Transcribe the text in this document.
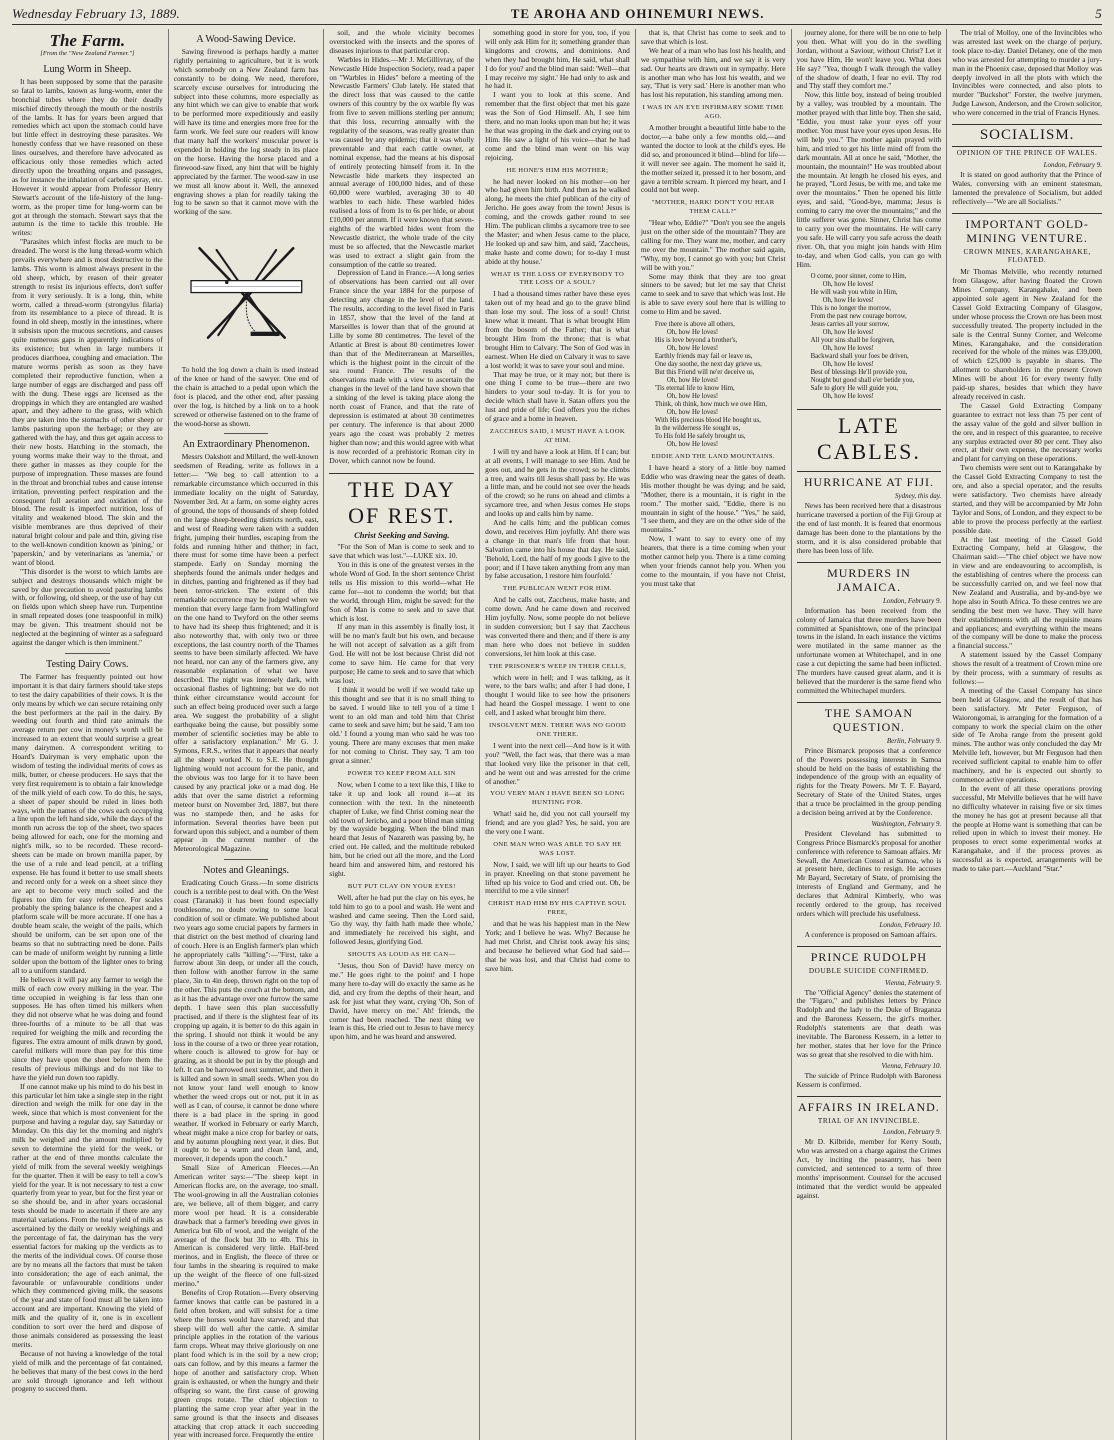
Wednesday February 13, 1889.	TE AROHA AND OHINEMURI NEWS.	5
The Farm.
[From the "New Zealand Farmer."]
Lung Worm in Sheep.

It has been supposed by some that the parasite so fatal to lambs, known as lung-worm, enter the bronchial tubes where they do their deadly mischief directly through the mouth or the nostrils of the lambs. It has for years been argued that remedies which act upon the stomach could have but little effect in destroying these parasites. We honestly confess that we have reasoned on these lines ourselves, and therefore have advocated as efficacious only those remedies which acted directly upon the breathing organs and passages, as for instance the inhalation of carbolic spray, etc. However it would appear from Professor Henry Stewart's account of the life-history of the lung-worm, as the proper time for lung-worm can be got at through the stomach. Stewart says that the autumn is the time to tackle this trouble. He writes:

"Parasites which infest flocks are much to be dreaded. The worst is the lung thread-worm which prevails everywhere and is most destructive to the lambs. This worm is almost always present in the old sheep, which, by reason of their greater strength to resist its injurious effects, don't suffer from it very seriously. It is a long, thin, white worm, called a thread-worm (strongylus filaria) from its resemblance to a piece of thread. It is found in old sheep, mostly in the intestines, where it subsists upon the mucous secretions, and causes quite numerous gaps in apparently indications of its existence; but when in large numbers it produces diarrhoea, coughing and emaciation. The mature worms perish as soon as they have completed their reproductive function, when a large number of eggs are discharged and pass off with the dung. These eggs are licensed as the droppings in which they are entangled are washed apart, and they adhere to the grass, with which they are taken into the stomachs of other sheep or lambs pasturing upon the herbage; or they are gathered with the hay, and thus get again access to their new hosts. Hatching in the stomach, the young worms make their way to the throat, and there gather in masses as they couple for the purpose of impregnation. These masses are found in the throat and bronchial tubes and cause intense irritation, preventing perfect respiration and the consequent full aeration and oxidation of the blood. The result is imperfect nutrition, loss of vitality and weakened blood. The skin and the visible membranes are thus deprived of their natural bright colour and pale and thin, giving rise to the well-known condition known as 'pining,' or 'paperskin,' and by veterinarians as 'anemia,' or want of blood.

"This disorder is the worst to which lambs are subject and destroys thousands which might be saved by due precaution to avoid pasturing lambs with, or following, old sheep, or the use of hay cut on fields upon which sheep have run. Turpentine in small repeated doses (one teaspoonful in milk) may be given. This treatment should not be neglected at the beginning of winter as a safeguard against the danger which is then imminent."

Testing Dairy Cows.

The Farmer has frequently pointed out how important it is that dairy farmers should take steps to test the dairy capabilities of their cows. It is the only means by which we can secure retaining only the best performers at the pail in the dairy. By weeding out fourth and third rate animals the average return per cow in money's worth will be increased to an extent that would surprise a great many dairymen. A correspondent writing to Hoard's Dairyman is very emphatic upon the wisdom of testing the individual merits of cows as milk, butter, or cheese producers. He says that the very first requirement is to obtain a fair knowledge of the milk yield of each cow. To do this, he says, a sheet of paper should be ruled in lines both ways, with the names of the cows each occupying a line upon the left hand side, while the days of the month run across the top of the sheet, two spaces being allowed for each, one for the morning and night's milk, so to be recorded. These record-sheets can be made on brown manilla paper, by the use of a rule and lead pencil, at a trifling expense. He has found it better to use small sheets and record only for a week on a sheet since they are apt to become very much soiled and the figures too dim for easy reference. For scales probably the spring balance is the cheapest and a platform scale will be more accurate. If one has a double beam scale, the weight of the pails, which should be uniform, can be set upon one of the beams so that no subtracting need be done. Pails can be made of uniform weight by running a little solder upon the bottom of the lighter ones to bring all to a uniform standard.

He believes it will pay any farmer to weigh the milk of each cow every milking in the year. The time occupied in weighing is far less than one supposes. He has often timed his milkers when they did not observe what he was doing and found three-fourths of a minute to be all that was required for weighing the milk and recording the figures. The extra amount of milk drawn by good, careful milkers will more than pay for this time since they have upon the sheet before them the results of previous milkings and do not like to have the yield run down too rapidly.

If one cannot make up his mind to do his best in this particular let him take a single step in the right direction and weigh the milk for one day in the week, since that which is most convenient for the purpose and having a regular day, say Saturday or Monday. On this day let the morning and night's milk be weighed and the amount multiplied by seven to determine the yield for the week, or rather at the end of three months calculate the yield of milk from the several weekly weighings for the quarter. Then it will be easy to tell a cow's yield for the year. It is not necessary to test a cow quarterly from year to year, but for the first year or so she should be, and in after years occasional tests should be made to ascertain if there are any material variations. From the total yield of milk as ascertained by the daily or weekly weighings and the percentage of fat, the dairyman has the very essential factors for making up the verdicts as to the merits of the individual cows. Of course those are by no means all the factors that must be taken into consideration; the age of each animal, the favourable or unfavourable conditions under which they commenced giving milk, the seasons of the year and state of food must all be taken into account and are important. Knowing the yield of milk and the quality of it, one is in excellent condition to sort over the herd and dispose of those animals considered as possessing the least merits.

Because of not having a knowledge of the total yield of milk and the percentage of fat contained, he believes that many of the best cows in the herd are sold through ignorance and left without progeny to succeed them.

A Wood-Sawing Device.

Sawing firewood is perhaps hardly a matter rightly pertaining to agriculture, but it is work which somebody on a New Zealand farm has constantly to be doing. We need, therefore, scarcely excuse ourselves for introducing the subject into these columns, more especially as any hint which we can give to enable that work to be performed more expeditiously and easily will have its time and energies more free for the farm work. We feel sure our readers will know that many half the workers' muscular power is expended in holding the log steady in its place on the horse. Having the horse placed and a firewood-saw fixed, any hint that will be highly appreciated by the farmer. The wood-saw in use we must all know about it. Well, the annexed engraving shows a plan for readily taking the log to be sawn so that it cannot move with the working of the saw.

To hold the log down a chain is used instead of the knee or hand of the sawyer. One end of the chain is attached to a pedal upon which the foot is placed, and the other end, after passing over the log, is hitched by a link on to a hook screwed or otherwise fastened on to the frame of the wood-horse as shown.

An Extraordinary Phenomenon.

Messrs Oakshott and Millard, the well-known seedsmen of Reading, write as follows in a letter:— "We beg to call attention to a remarkable circumstance which occurred in this immediate locality on the night of Saturday, November 3rd. At a farm, on some eighty acres of ground, the tops of thousands of sheep folded on the large sheep-breeding districts north, east, and west of Reading were taken with a sudden fright, jumping their hurdles, escaping from the folds and running hither and thither; in fact, there must for some time have been a perfect stampede. Early on Sunday morning the shepherds found the animals under hedges and in ditches, panting and frightened as if they had been terror-stricken. The extent of this remarkable occurrence may be judged when we mention that every large farm from Wallingford on the one hand to Twyford on the other seems to have had its sheep thus frightened; and it is also noteworthy that, with only two or three exceptions, the last country north of the Thames seems to have been similarly affected. We have not heard, nor can any of the farmers give, any reasonable explanation of what we have described. The night was intensely dark, with occasional flashes of lightning; but we do not think either circumstance would account for such an effect being produced over such a large area. We suggest the probability of a slight earthquake being the cause, but possibly some member of scientific societies may be able to offer a satisfactory explanation." Mr G. J. Symons, F.R.S., writes that it appears that nearly all the sheep worked N. to S.E. He thought lightning would not account for the panic, and the obvious was too large for it to have been caused by any practical joke or a mad dog. He adds that over the same district a reforming meteor burst on November 3rd, 1887, but there was no stampede then, and he asks for information. Several theories have been put forward upon this subject, and a number of them appear in the current number of the Meteorological Magazine.

Notes and Gleanings.

Eradicating Couch Grass.—In some districts couch is a terrible pest to deal with. On the West coast (Taranaki) it has been found especially troublesome, no doubt owing to some local condition of soil or climate. We published about two years ago some crucial papers by farmers in that district on the best method of clearing land of couch. Here is an English farmer's plan which he appropriately calls "killing":—"First, take a furrow about 3in deep, or under all the couch, then follow with another furrow in the same place, 3in to 4in deep, thrown right on the top of the other. This puts the couch at the bottom, and as it has the advantage over one furrow the same depth. I have seen this plan successfully practised, and if there is the slightest fear of its cropping up again, it is better to do this again in the spring. I should not think it would be any loss in the course of a two or three year rotation, where couch is allowed to grow for hay or grazing, as it should be put in by the plough and left. It can be harrowed next summer, and then it is killed and sown in small seeds. When you do not know your land well enough to know whether the weed crops out or not, put it in as well as I can, of course, it cannot be done where there is a bad place in the spring in good weather. If worked in February or early March, wheat might make a nice crop for barley or oats, and by autumn ploughing next year, it dies. But it ought to be a warm and clean land, and, moreover, it depends upon the couch."

Small Size of American Fleeces.—An American writer says:—"The sheep kept in American flocks are, on the average, too small. The wool-growing in all the Australian colonies are, we believe, all of them bigger, and carry more wool per head. It is a considerable drawback that a farmer's breeding ewe gives in America but 6lb of wool, and the weight of the average of the flock but 3lb to 4lb. This in American is considered very little. Half-bred merinos, and in English, the fleece of three or four lambs in the shearing is required to make up the weight of the fleece of one full-sized merino."

Benefits of Crop Rotation.—Every observing farmer knows that cattle can be pastured in a field often broken, and will subsist for a time where the horses would have starved; and that sheep will do well after the cattle. A similar principle applies in the rotation of the various farm crops. Wheat may thrive gloriously on one plant food which is in the soil by a new crop; oats can follow, and by this means a farmer the hope of another and satisfactory crop. When grain is exhausted, or when the hungry and their offspring so want, the first cause of growing green crops rotate. The chief objection to planting the same crop year after year in the same ground is that the insects and diseases attacking that crop attack it each succeeding year with increased force. Frequently the entire

soil, and the whole vicinity becomes overstocked with the insects and the spores of diseases injurious to that particular crop.

Warbles in Hides.—Mr J. McGillivray, of the Newcastle Hide Inspection Society, read a paper on "Warbles in Hides" before a meeting of the Newcastle Farmers' Club lately. He stated that the direct loss that was caused to the cattle owners of this country by the ox warble fly was from five to seven millions sterling per annum; that this loss, recurring annually with the regularity of the seasons, was really greater than was caused by any epidemic; that it was wholly preventable and that each cattle owner, at nominal expense, had the means at his disposal of entirely protecting himself from it. In the Newcastle hide markets they inspected an annual average of 100,000 hides, and of these 60,000 were warbled, averaging 30 to 40 warbles to each hide. These warbled hides realised a loss of from 1s to 6s per hide, or about £10,000 per annum. If it were known that seven-eighths of the warbled hides went from the Newcastle district, the whole trade of the city must be so affected, that the Newcastle market was used to extract a slight gain from the consumption of the cattle so treated.

Depression of Land in France.—A long series of observations has been carried out all over France since the year 1884 for the purpose of detecting any change in the level of the land. The results, according to the level fixed in Paris in 1857, show that the level of the land at Marseilles is lower than that of the ground at Lille by some 80 centimetres. The level of the Atlantic at Brest is about 80 centimetres lower than that of the Mediterranean at Marseilles, which is the highest point in the circuit of the sea round France. The results of the observations made with a view to ascertain the changes in the level of the land have shown that a sinking of the level is taking place along the north coast of France, and that the rate of depression is estimated at about 30 centimetres per century. The inference is that about 2000 years ago the coast was probably 2 metres higher than now; and this would agree with what is now recorded of a prehistoric Roman city in Dover, which cannot now be found.

THE DAY OF REST.
Christ Seeking and Saving.

"For the Son of Man is come to seek and to save that which was lost."—LUKE xix. 10.

You in this is one of the greatest verses in the whole Word of God. In the short sentence Christ tells us His mission to this world—what He came for—not to condemn the world; but that the world, through Him, might be saved: for the Son of Man is come to seek and to save that which is lost.

If any man in this assembly is finally lost, it will be no man's fault but his own, and because he will not accept of salvation as a gift from God. He will not be lost because Christ did not come to save him. He came for that very purpose; He came to seek and to save that which was lost.

I think it would be well if we would take up this thought and see that it is no small thing to be saved. I would like to tell you of a time I went to an old man and told him that Christ came to seek and save him; but he said, 'I am too old.' I found a young man who said he was too young. There are many excuses that men make for not coming to Christ. They say, 'I am too great a sinner.'

POWER TO KEEP FROM ALL SIN

Now, when I come to a text like this, I like to take it up and look all round it—at its connection with the text. In the nineteenth chapter of Luke, we find Christ coming near the old town of Jericho, and a poor blind man sitting by the wayside begging. When the blind man heard that Jesus of Nazareth was passing by, he cried out. He called, and the multitude rebuked him, but he cried out all the more, and the Lord heard him and answered him, and restored his sight.

BUT PUT CLAY ON YOUR EYES!

Well, after he had put the clay on his eyes, he told him to go to a pool and wash. He went and washed and came seeing. Then the Lord said, 'Go thy way, thy faith hath made thee whole,' and immediately he received his sight, and followed Jesus, glorifying God.

SHOUTS AS LOUD AS HE CAN—

"Jesus, thou Son of David! have mercy on me." He goes right to the point! and I hope many here to-day will do exactly the same as he did, and cry from the depths of their heart, and ask for just what they want, crying 'Oh, Son of David, have mercy on me.' Ah! friends, the corner had been reached. The next thing we learn is this, He cried out to Jesus to have mercy upon him, and he was heard and answered.

something good in store for you, too, if you will only ask Him for it; something grander than kingdoms and crowns, and dominions. And when they had brought him, He said, what shall I do for you? and the blind man said: 'Well—that I may receive my sight.' He had only to ask and he had it.

I want you to look at this scene. And remember that the first object that met his gaze was the Son of God Himself. Ah, I see him there, and no man looks upon man but he; it was he that was groping in the dark and crying out to Him. He saw a light of his voice—that he had come and the blind man went on his way rejoicing.

HE HONE'S HIM HIS MOTHER;

he had never looked on his mother—on her who had given him birth. And then as he walked along, he meets the chief publican of the city of Jericho. He goes away from the town! Jesus is coming, and the crowds gather round to see Him. The publican climbs a sycamore tree to see the Master; and when Jesus came to the place, He looked up and saw him, and said, 'Zaccheus, make haste and come down; for to-day I must abide at thy house.'

WHAT IS THE LOSS OF EVERYBODY TO THE LOSS OF A SOUL?

I had a thousand times rather have these eyes taken out of my head and go to the grave blind than lose my soul. The loss of a soul! Christ knew what it meant. That is what brought Him from the bosom of the Father; that is what brought Him from the throne; that is what brought Him to Calvary. The Son of God was in earnest. When He died on Calvary it was to save a lost world; it was to save your soul and mine.

That may be true, or it may not; but there is one thing I come to be true—there are two hinders to your soul to-day. It is for you to decide which shall have it. Satan offers you the lust and pride of life; God offers you the riches of grace and a home in heaven.

ZACCHEUS SAID, I MUST HAVE A LOOK AT HIM.

I will try and have a look at Him. If I can; but at all events, I will manage to see Him. And he goes out, and he gets in the crowd; so he climbs a tree, and waits till Jesus shall pass by. He was a little man, and he could not see over the heads of the crowd; so he runs on ahead and climbs a sycamore tree, and when Jesus comes He stops and looks up and calls him by name.

And he calls him; and the publican comes down, and receives Him joyfully. Ah! there was a change in that man's life from that hour. Salvation came into his house that day. He said, 'Behold, Lord, the half of my goods I give to the poor; and if I have taken anything from any man by false accusation, I restore him fourfold.'

THE PUBLICAN WENT FOR HIM.

And he calls out, Zaccheus, make haste, and come down. And he came down and received Him joyfully. Now, some people do not believe in sudden conversion; but I say that Zaccheus was converted there and then; and if there is any man here who does not believe in sudden conversions, let him look at this case.

THE PRISONER'S WEEP IN THEIR CELLS,

which were in hell; and I was talking, as it were, to the bars walls; and after I had done, I thought I would like to see how the prisoners had heard the Gospel message. I went to one cell, and I asked what brought him there.

INSOLVENT MEN. THERE WAS NO GOOD ONE THERE.

I went into the next cell—And how is it with you? "Well, the fact was, that there was a man that looked very like the prisoner in that cell, and he went out and was arrested for the crime of another."

YOU VERY MAN I HAVE BEEN SO LONG HUNTING FOR.

What! said he, did you not call yourself my friend; and are you glad? Yes, he said, you are the very one I want.

ONE MAN WHO WAS ABLE TO SAY HE WAS LOST.

Now, I said, we will lift up our hearts to God in prayer. Kneeling on that stone pavement he lifted up his voice to God and cried out. Oh, be merciful to me a vile sinner!

CHRIST HAD HIM BY HIS CAPTIVE SOUL FREE,

and that he was his happiest man in the New York; and I believe he was. Why? Because he had met Christ, and Christ took away his sins; and because he believed what God had said—that he was lost, and that Christ had come to save him.

that is, that Christ has come to seek and to save that which is lost.

We hear of a man who has lost his health, and we sympathise with him, and we say it is very sad. Our hearts are drawn out in sympathy. Here is another man who has lost his wealth, and we say, 'That is very sad.' Here is another man who has lost his reputation, his standing among men.

I WAS IN AN EYE INFIRMARY SOME TIME AGO.

A mother brought a beautiful little babe to the doctor,—a babe only a few months old,—and wanted the doctor to look at the child's eyes. He did so, and pronounced it blind—blind for life—it will never see again. The moment he said it, the mother seized it, pressed it to her bosom, and gave a terrible scream. It pierced my heart, and I could not but weep.

"MOTHER, HARK! DON'T YOU HEAR THEM CALL?"

"Hear who, Eddie?" "Don't you see the angels just on the other side of the mountain? They are calling for me. They want me, mother, and carry me over the mountain." The mother said again, "Why, my boy, I cannot go with you; but Christ will be with you."

Some may think that they are too great sinners to be saved; but let me say that Christ came to seek and to save that which was lost. He is able to save every soul here that is willing to come to Him and be saved.

Free there is above all others,
Oh, how He loves!
His is love beyond a brother's,
Oh, how He loves!
Earthly friends may fail or leave us,
One day soothe, the next day grieve us,
But this Friend will ne'er deceive us,
Oh, how He loves!
'Tis eternal life to know Him,
Oh, how He loves!
Think, oh think, how much we owe Him,
Oh, how He loves!
With His precious blood He bought us,
In the wilderness He sought us,
To His fold He safely brought us,
Oh, how He loves!
EDDIE AND THE LAND MOUNTAINS.

I have heard a story of a little boy named Eddie who was drawing near the gates of death. His mother thought he was dying; and he said, "Mother, there is a mountain, it is right in the room." The mother said, "Eddie, there is no mountain in sight of the house." "Yes," he said, "I see them, and they are on the other side of the mountains."

Now, I want to say to every one of my hearers, that there is a time coming when your mother cannot help you. There is a time coming when your friends cannot help you. When you come to the mountain, if you have not Christ, you must take that

journey alone, for there will be no one to help you then. What will you do in the swelling Jordan, without a Saviour, without Christ? Let it you have Him, He won't leave you. What does He say? "Yea, though I walk through the valley of the shadow of death, I fear no evil. Thy rod and Thy staff they comfort me."

Now, this little boy, instead of being troubled by a valley, was troubled by a mountain. The mother prayed with that little boy. Then she said, "Eddie, you must take your eyes off your mother. You must have your eyes upon Jesus. He will help you." The mother again prayed with him, and tried to get his little mind off from the dark mountain. All at once he said, "Mother, the mountain, the mountain!" He was troubled about the mountain. At length he closed his eyes, and he prayed, "Lord Jesus, be with me, and take me over the mountains." Then he opened his little eyes, and said, "Good-bye, mamma; Jesus is coming to carry me over the mountains;" and the little sufferer was gone. Sinner, Christ has come to carry you over the mountains. He will carry you safe. He will carry you safe across the death river. Oh, that you might join hands with Him to-day, and when God calls, you can go with Him.

O come, poor sinner, come to Him,
Oh, how He loves!
He will wash you white in Him,
Oh, how He loves!
This is no longer the morrow,
From the past new courage borrow,
Jesus carries all your sorrow,
Oh, how He loves!
All your sins shall be forgiven,
Oh, how He loves!
Backward shall your foes be driven,
Oh, how He loves!
Best of blessings He'll provide you,
Nought but good shall e'er betide you,
Safe to glory He will guide you,
Oh, how He loves!
LATE CABLES.
HURRICANE AT FIJI.
Sydney, this day.

News has been received here that a disastrous hurricane traversed a portion of the Fiji Group at the end of last month. It is feared that enormous damage has been done to the plantations by the storm, and it is also considered probable that there has been loss of life.

MURDERS IN JAMAICA.
London, February 9.

Information has been received from the colony of Jamaica that three murders have been committed at Spanishtown, one of the principal towns in the island. In each instance the victims were mutilated in the same manner as the unfortunate women at Whitechapel, and in one case a cut depicting the same had been inflicted. The murders have caused great alarm, and it is believed that the murderer is the same fiend who committed the Whitechapel murders.

THE SAMOAN QUESTION.
Berlin, February 9.

Prince Bismarck proposes that a conference of the Powers possessing interests in Samoa should be held on the basis of establishing the independence of the group with an equality of rights for the Treaty Powers. Mr T. F. Bayard, Secretary of State of the United States, urges that a truce be proclaimed in the group pending a decision being arrived at by the Conference.

Washington, February 9.

President Cleveland has submitted to Congress Prince Bismarck's proposal for another conference with reference to Samoan affairs. Mr Sewall, the American Consul at Samoa, who is at present here, declines to resign. He accuses Mr Bayard, Secretary of State, of promising the interests of England and Germany, and he declares that Admiral Kimberly, who was recently ordered to the group, has received orders which will preclude his usefulness.

London, February 10.

A conference is proposed on Samoan affairs.

PRINCE RUDOLPH
DOUBLE SUICIDE CONFIRMED.
Vienna, February 9.

The "Official Agency" denies the statement of the "Figaro," and publishes letters by Prince Rudolph and the lady to the Duke of Braganza and the Baroness Kessern, the girl's mother. Rudolph's statements are that death was inevitable. The Baroness Kessern, in a letter to her mother, states that her love for the Prince was so great that she resolved to die with him.

Vienna, February 10.

The suicide of Prince Rudolph with Baroness Kessern is confirmed.

AFFAIRS IN IRELAND.
TRIAL OF AN INVINCIBLE.
London, February 9.

Mr D. Kilbride, member for Kerry South, who was arrested on a charge against the Crimes Act, by inciting the peasantry, has been convicted, and sentenced to a term of three months' imprisonment. Counsel for the accused intimated that the verdict would be appealed against.

The trial of Molloy, one of the Invincibles who was arrested last week on the charge of perjury, took place to-day. Daniel Delaney, one of the men who was arrested for attempting to murder a jury-man in the Phoenix case, deposed that Molloy was deeply involved in all the plots with which the Invincibles were connected, and also plots to murder "Buckshot" Forster, the twelve jurymen, Judge Lawson, Anderson, and the Crown solicitor, who were concerned in the trial of Francis Hynes.

SOCIALISM.
OPINION OF THE PRINCE OF WALES.
London, February 9.

It is stated on good authority that the Prince of Wales, conversing with an eminent statesman, lamented the prevalence of Socialism, but added reflectively—"We are all Socialists."

IMPORTANT GOLD-MINING VENTURE.
CROWN MINES, KARANGAHAKE, FLOATED.

Mr Thomas Melville, who recently returned from Glasgow, after having floated the Crown Mines Company, Karangahake, and been appointed sole agent in New Zealand for the Cassel Gold Extracting Company of Glasgow, under whose process the Crown ore has been most successfully treated. The property included in the sale is the Central Sunny Corner, and Welcome Mines, Karangahake, and the consideration received for the whole of the mines was £39,000, of which £25,000 is payable in shares. The allotment to shareholders in the present Crown Mines will be about 16 for every twenty fully paid-up shares, besides that which they have already received in cash.

The Cassel Gold Extracting Company guarantee to extract not less than 75 per cent of the assay value of the gold and silver bullion in the ore, and in respect of this guarantee, to receive any surplus extracted over 80 per cent. They also erect, at their own expense, the necessary works and plant for carrying on these operations.

Two chemists were sent out to Karangahake by the Cassel Gold Extracting Company to test the ore, and also a special operator, and the results were satisfactory. Two chemists have already started, and they will be accompanied by Mr John Taylor and Sons, of London, and they expect to be able to prove the process perfectly at the earliest possible date.

At the last meeting of the Cassel Gold Extracting Company, held at Glasgow, the Chairman said:—"The chief object we have now in view and are endeavouring to accomplish, is the establishing of centres where the process can be successfully carried on, and we feel now that New Zealand and Australia, and by-and-bye we hope also in South Africa. To these centres we are sending the best men we have. They will have their establishments with all the requisite means and appliances; and everything within the means of the company will be done to make the process a financial success."

A statement issued by the Cassel Company shows the result of a treatment of Crown mine ore by their process, with a summary of results as follows:—

A meeting of the Cassel Company has since been held at Glasgow, and the result of that has been satisfactory. Mr Peter Ferguson, of Waiorongomai, is arranging for the formation of a company to work the special claim on the other side of Te Aroha range from the present gold mines. The author was only concluded the day Mr Melville left, however, but Mr Ferguson had then received sufficient capital to enable him to offer machinery, and he is expected out shortly to commence active operations.

In the event of all these operations proving successful, Mr Melville believes that he will have no difficulty whatever in raising five or six times the money he has got at present because all that the people at Home want is something that can be relied upon in which to invest their money. He proposes to erect some experimental works at Karangahake, and if the process proves as successful as is expected, arrangements will be made to take part.—Auckland "Star."
